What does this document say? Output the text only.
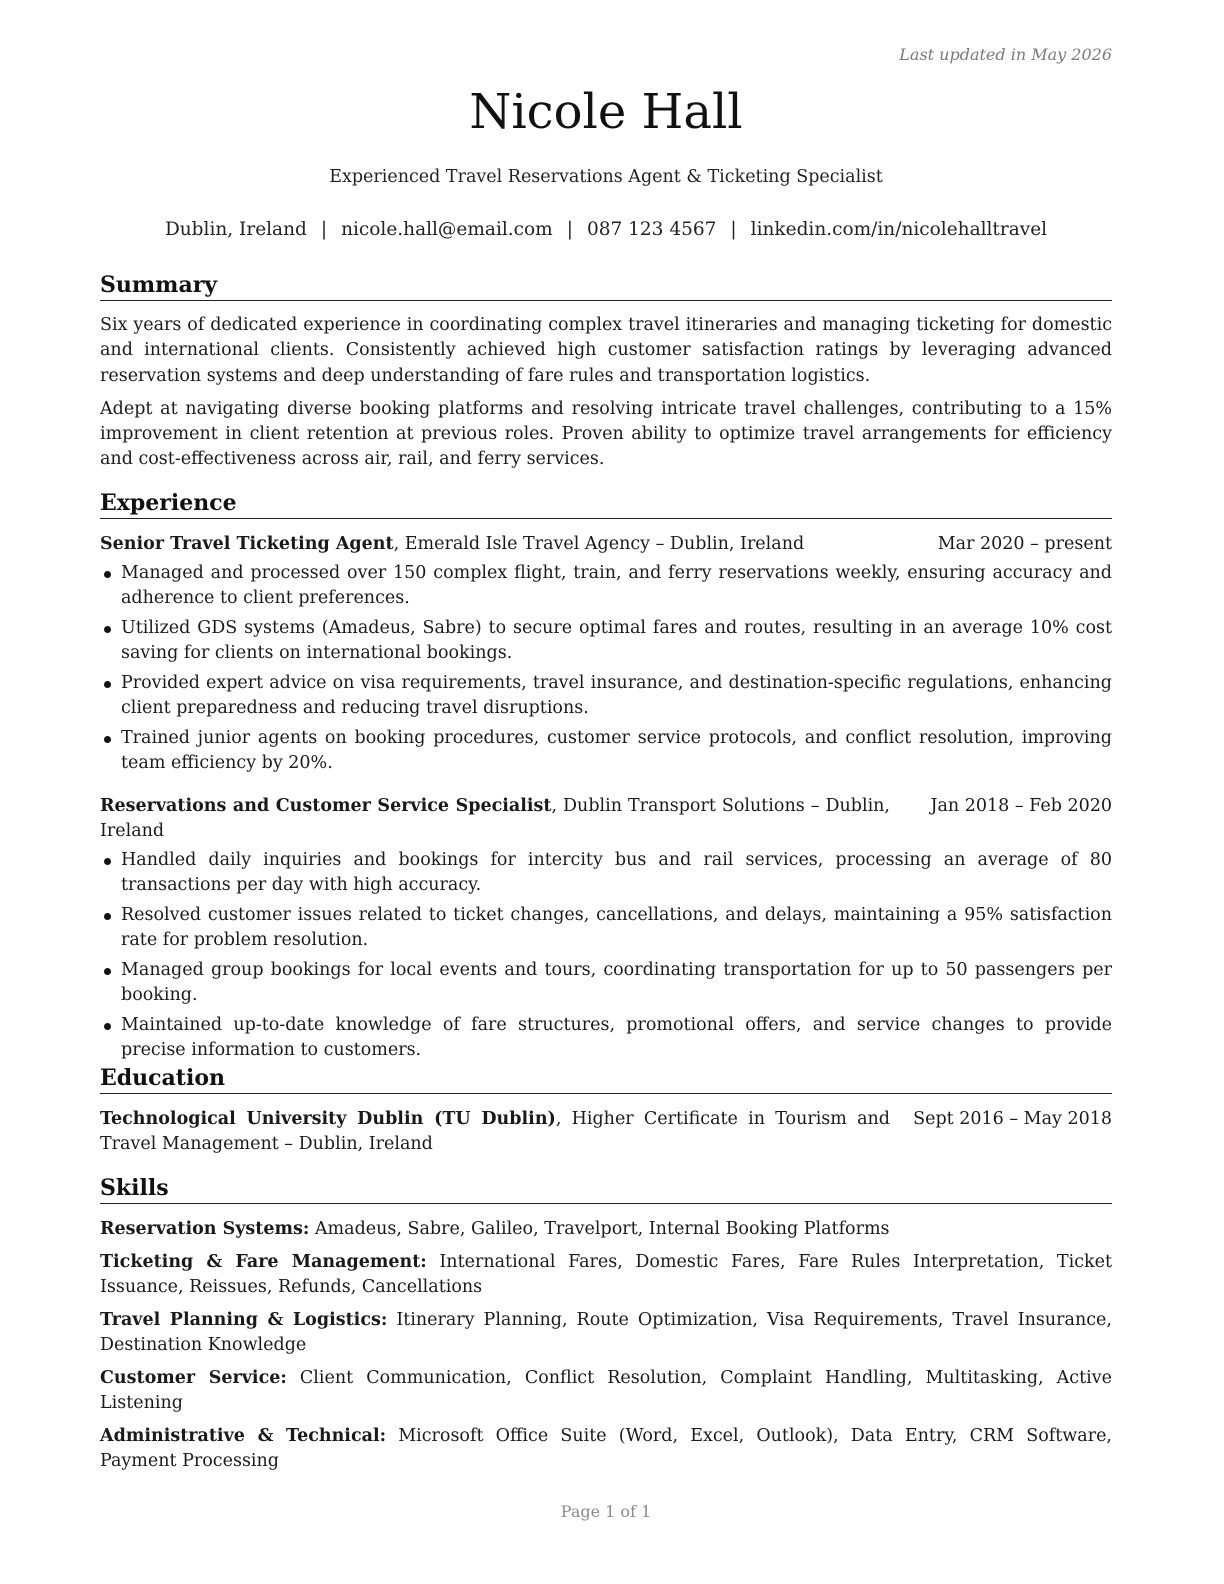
Last updated in May 2026
Nicole Hall
Experienced Travel Reservations Agent & Ticketing Specialist
Dublin, Ireland | nicole.hall@email.com | 087 123 4567 | linkedin.com/in/nicolehalltravel
Summary

Six years of dedicated experience in coordinating complex travel itineraries and managing ticketing for domestic and international clients. Consistently achieved high customer satisfaction ratings by leveraging advanced reservation systems and deep understanding of fare rules and transportation logistics.

Adept at navigating diverse booking platforms and resolving intricate travel challenges, contributing to a 15% improvement in client retention at previous roles. Proven ability to optimize travel arrangements for efficiency and cost-effectiveness across air, rail, and ferry services.

Experience
Senior Travel Ticketing Agent, Emerald Isle Travel Agency – Dublin, Ireland	Mar 2020 – present
Managed and processed over 150 complex flight, train, and ferry reservations weekly, ensuring accuracy and adherence to client preferences.
Utilized GDS systems (Amadeus, Sabre) to secure optimal fares and routes, resulting in an average 10% cost saving for clients on international bookings.
Provided expert advice on visa requirements, travel insurance, and destination-specific regulations, enhancing client preparedness and reducing travel disruptions.
Trained junior agents on booking procedures, customer service protocols, and conflict resolution, improving team efficiency by 20%.
Reservations and Customer Service Specialist, Dublin Transport Solutions – Dublin, Ireland
Jan 2018 – Feb 2020
Handled daily inquiries and bookings for intercity bus and rail services, processing an average of 80 transactions per day with high accuracy.
Resolved customer issues related to ticket changes, cancellations, and delays, maintaining a 95% satisfaction rate for problem resolution.
Managed group bookings for local events and tours, coordinating transportation for up to 50 passengers per booking.
Maintained up-to-date knowledge of fare structures, promotional offers, and service changes to provide precise information to customers.
Education
Technological University Dublin (TU Dublin), Higher Certificate in Tourism and Travel Management – Dublin, Ireland
Sept 2016 – May 2018
Skills
Reservation Systems: Amadeus, Sabre, Galileo, Travelport, Internal Booking Platforms
Ticketing & Fare Management: International Fares, Domestic Fares, Fare Rules Interpretation, Ticket Issuance, Reissues, Refunds, Cancellations
Travel Planning & Logistics: Itinerary Planning, Route Optimization, Visa Requirements, Travel Insurance, Destination Knowledge
Customer Service: Client Communication, Conflict Resolution, Complaint Handling, Multitasking, Active Listening
Administrative & Technical: Microsoft Office Suite (Word, Excel, Outlook), Data Entry, CRM Software, Payment Processing
Page 1 of 1
